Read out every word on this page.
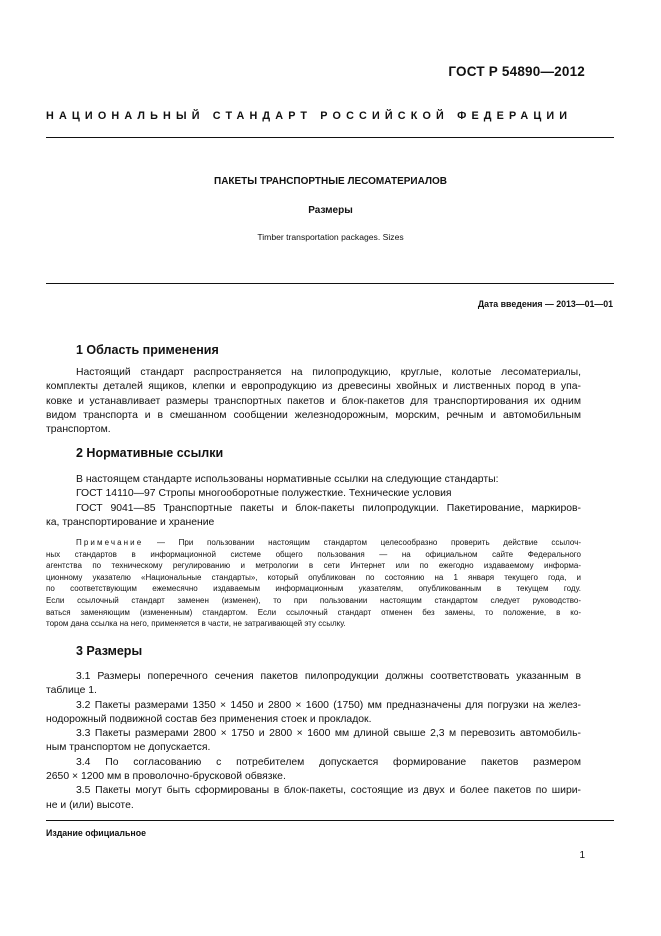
ГОСТ Р 54890—2012
НАЦИОНАЛЬНЫЙ СТАНДАРТ РОССИЙСКОЙ ФЕДЕРАЦИИ
ПАКЕТЫ ТРАНСПОРТНЫЕ ЛЕСОМАТЕРИАЛОВ
Размеры
Timber transportation packages. Sizes
Дата введения — 2013—01—01
1 Область применения
Настоящий стандарт распространяется на пилопродукцию, круглые, колотые лесоматериалы,
комплекты деталей ящиков, клепки и европродукцию из древесины хвойных и лиственных пород в упа-
ковке и устанавливает размеры транспортных пакетов и блок-пакетов для транспортирования их одним
видом транспорта и в смешанном сообщении железнодорожным, морским, речным и автомобильным
транспортом.
2 Нормативные ссылки
В настоящем стандарте использованы нормативные ссылки на следующие стандарты:
ГОСТ 14110—97 Стропы многооборотные полужесткие. Технические условия
ГОСТ 9041—85 Транспортные пакеты и блок-пакеты пилопродукции. Пакетирование, маркиров-
ка, транспортирование и хранение
Примечание — При пользовании настоящим стандартом целесообразно проверить действие ссылоч-
ных стандартов в информационной системе общего пользования — на официальном сайте Федерального
агентства по техническому регулированию и метрологии в сети Интернет или по ежегодно издаваемому информа-
ционному указателю «Национальные стандарты», который опубликован по состоянию на 1 января текущего года, и
по соответствующим ежемесячно издаваемым информационным указателям, опубликованным в текущем году.
Если ссылочный стандарт заменен (изменен), то при пользовании настоящим стандартом следует руководство-
ваться заменяющим (измененным) стандартом. Если ссылочный стандарт отменен без замены, то положение, в ко-
тором дана ссылка на него, применяется в части, не затрагивающей эту ссылку.
3 Размеры
3.1 Размеры поперечного сечения пакетов пилопродукции должны соответствовать указанным в
таблице 1.
3.2 Пакеты размерами 1350 × 1450 и 2800 × 1600 (1750) мм предназначены для погрузки на желез-
нодорожный подвижной состав без применения стоек и прокладок.
3.3 Пакеты размерами 2800 × 1750 и 2800 × 1600 мм длиной свыше 2,3 м перевозить автомобиль-
ным транспортом не допускается.
3.4 По согласованию с потребителем допускается формирование пакетов размером
2650 × 1200 мм в проволочно-брусковой обвязке.
3.5 Пакеты могут быть сформированы в блок-пакеты, состоящие из двух и более пакетов по шири-
не и (или) высоте.
Издание официальное
1
